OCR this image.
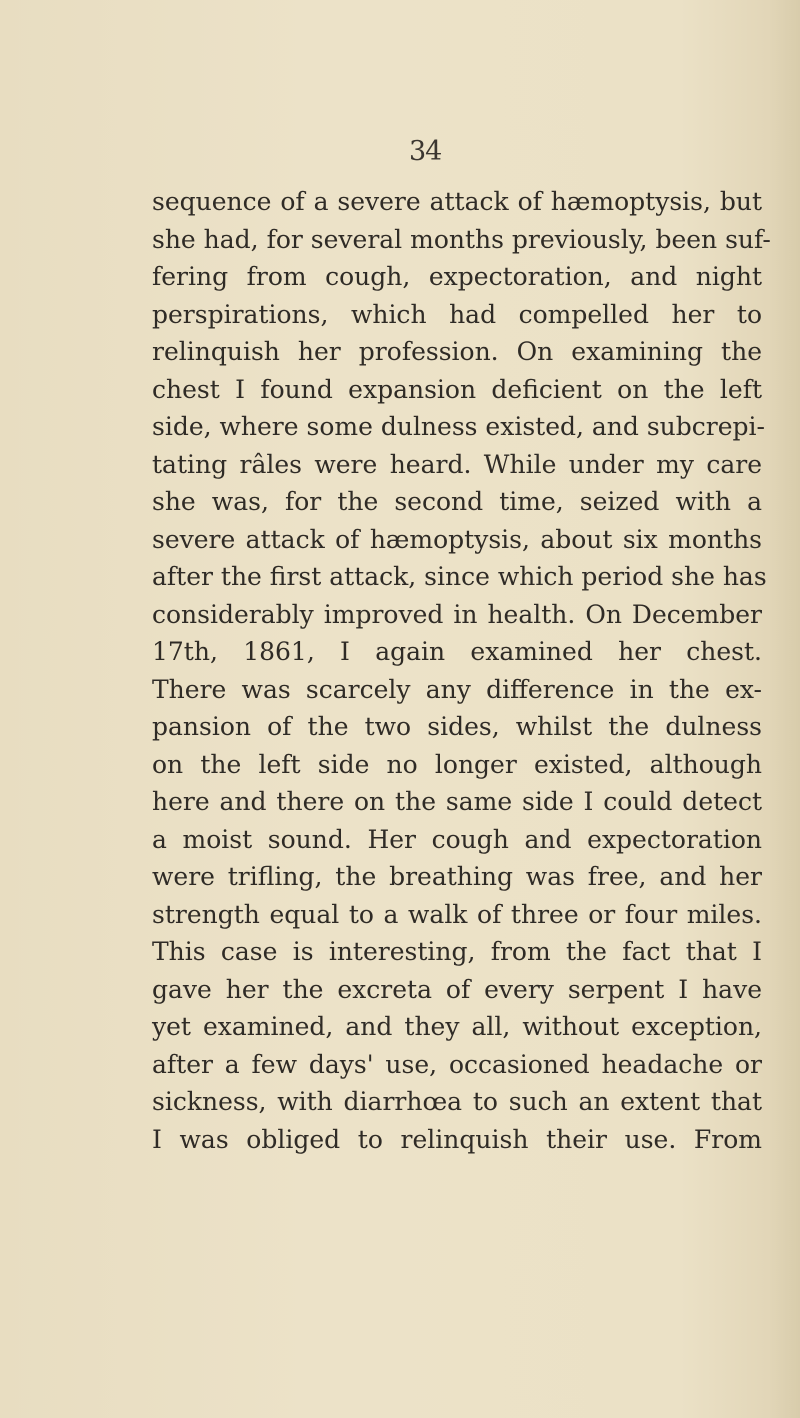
34
sequence of a severe attack of hæmoptysis, but
she had, for several months previously, been suf-
fering from cough, expectoration, and night
perspirations, which had compelled her to
relinquish her profession. On examining the
chest I found expansion deficient on the left
side, where some dulness existed, and subcrepi-
tating râles were heard. While under my care
she was, for the second time, seized with a
severe attack of hæmoptysis, about six months
after the first attack, since which period she has
considerably improved in health. On December
17th, 1861, I again examined her chest.
There was scarcely any difference in the ex-
pansion of the two sides, whilst the dulness
on the left side no longer existed, although
here and there on the same side I could detect
a moist sound. Her cough and expectoration
were trifling, the breathing was free, and her
strength equal to a walk of three or four miles.
This case is interesting, from the fact that I
gave her the excreta of every serpent I have
yet examined, and they all, without exception,
after a few days' use, occasioned headache or
sickness, with diarrhœa to such an extent that
I was obliged to relinquish their use. From
